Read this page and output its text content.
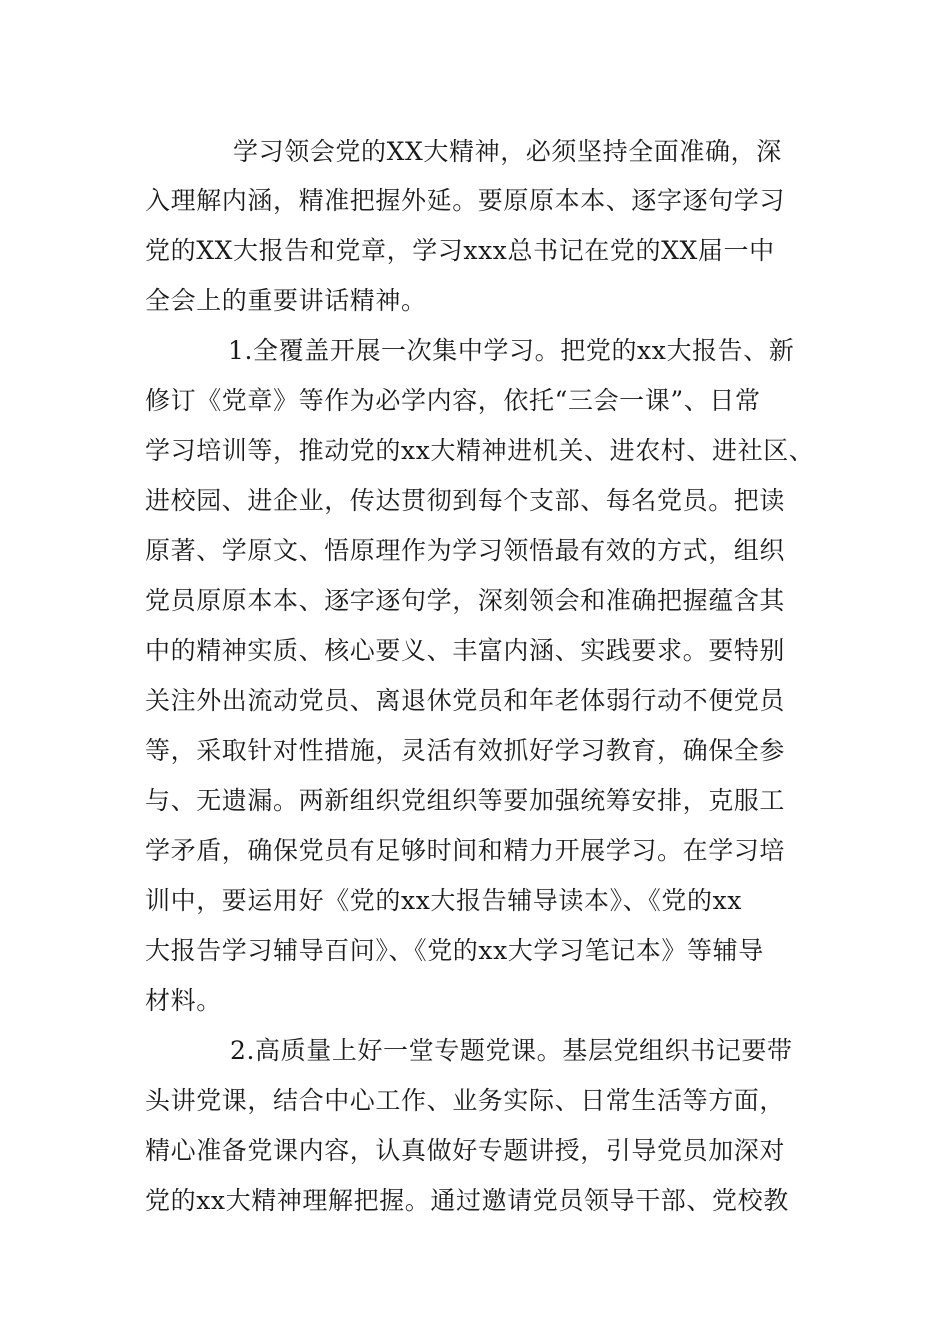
学习领会党的XX大精神，必须坚持全面准确，深
入理解内涵，精准把握外延。要原原本本、逐字逐句学习
党的XX大报告和党章，学习xxx总书记在党的XX届一中
全会上的重要讲话精神。
1.全覆盖开展一次集中学习。把党的xx大报告、新
修订《党章》等作为必学内容，依托“三会一课”、日常
学习培训等，推动党的xx大精神进机关、进农村、进社区、
进校园、进企业，传达贯彻到每个支部、每名党员。把读
原著、学原文、悟原理作为学习领悟最有效的方式，组织
党员原原本本、逐字逐句学，深刻领会和准确把握蕴含其
中的精神实质、核心要义、丰富内涵、实践要求。要特别
关注外出流动党员、离退休党员和年老体弱行动不便党员
等，采取针对性措施，灵活有效抓好学习教育，确保全参
与、无遗漏。两新组织党组织等要加强统筹安排，克服工
学矛盾，确保党员有足够时间和精力开展学习。在学习培
训中，要运用好《党的xx大报告辅导读本》、《党的xx
大报告学习辅导百问》、《党的xx大学习笔记本》等辅导
材料。
2.高质量上好一堂专题党课。基层党组织书记要带
头讲党课，结合中心工作、业务实际、日常生活等方面，
精心准备党课内容，认真做好专题讲授，引导党员加深对
党的xx大精神理解把握。通过邀请党员领导干部、党校教
